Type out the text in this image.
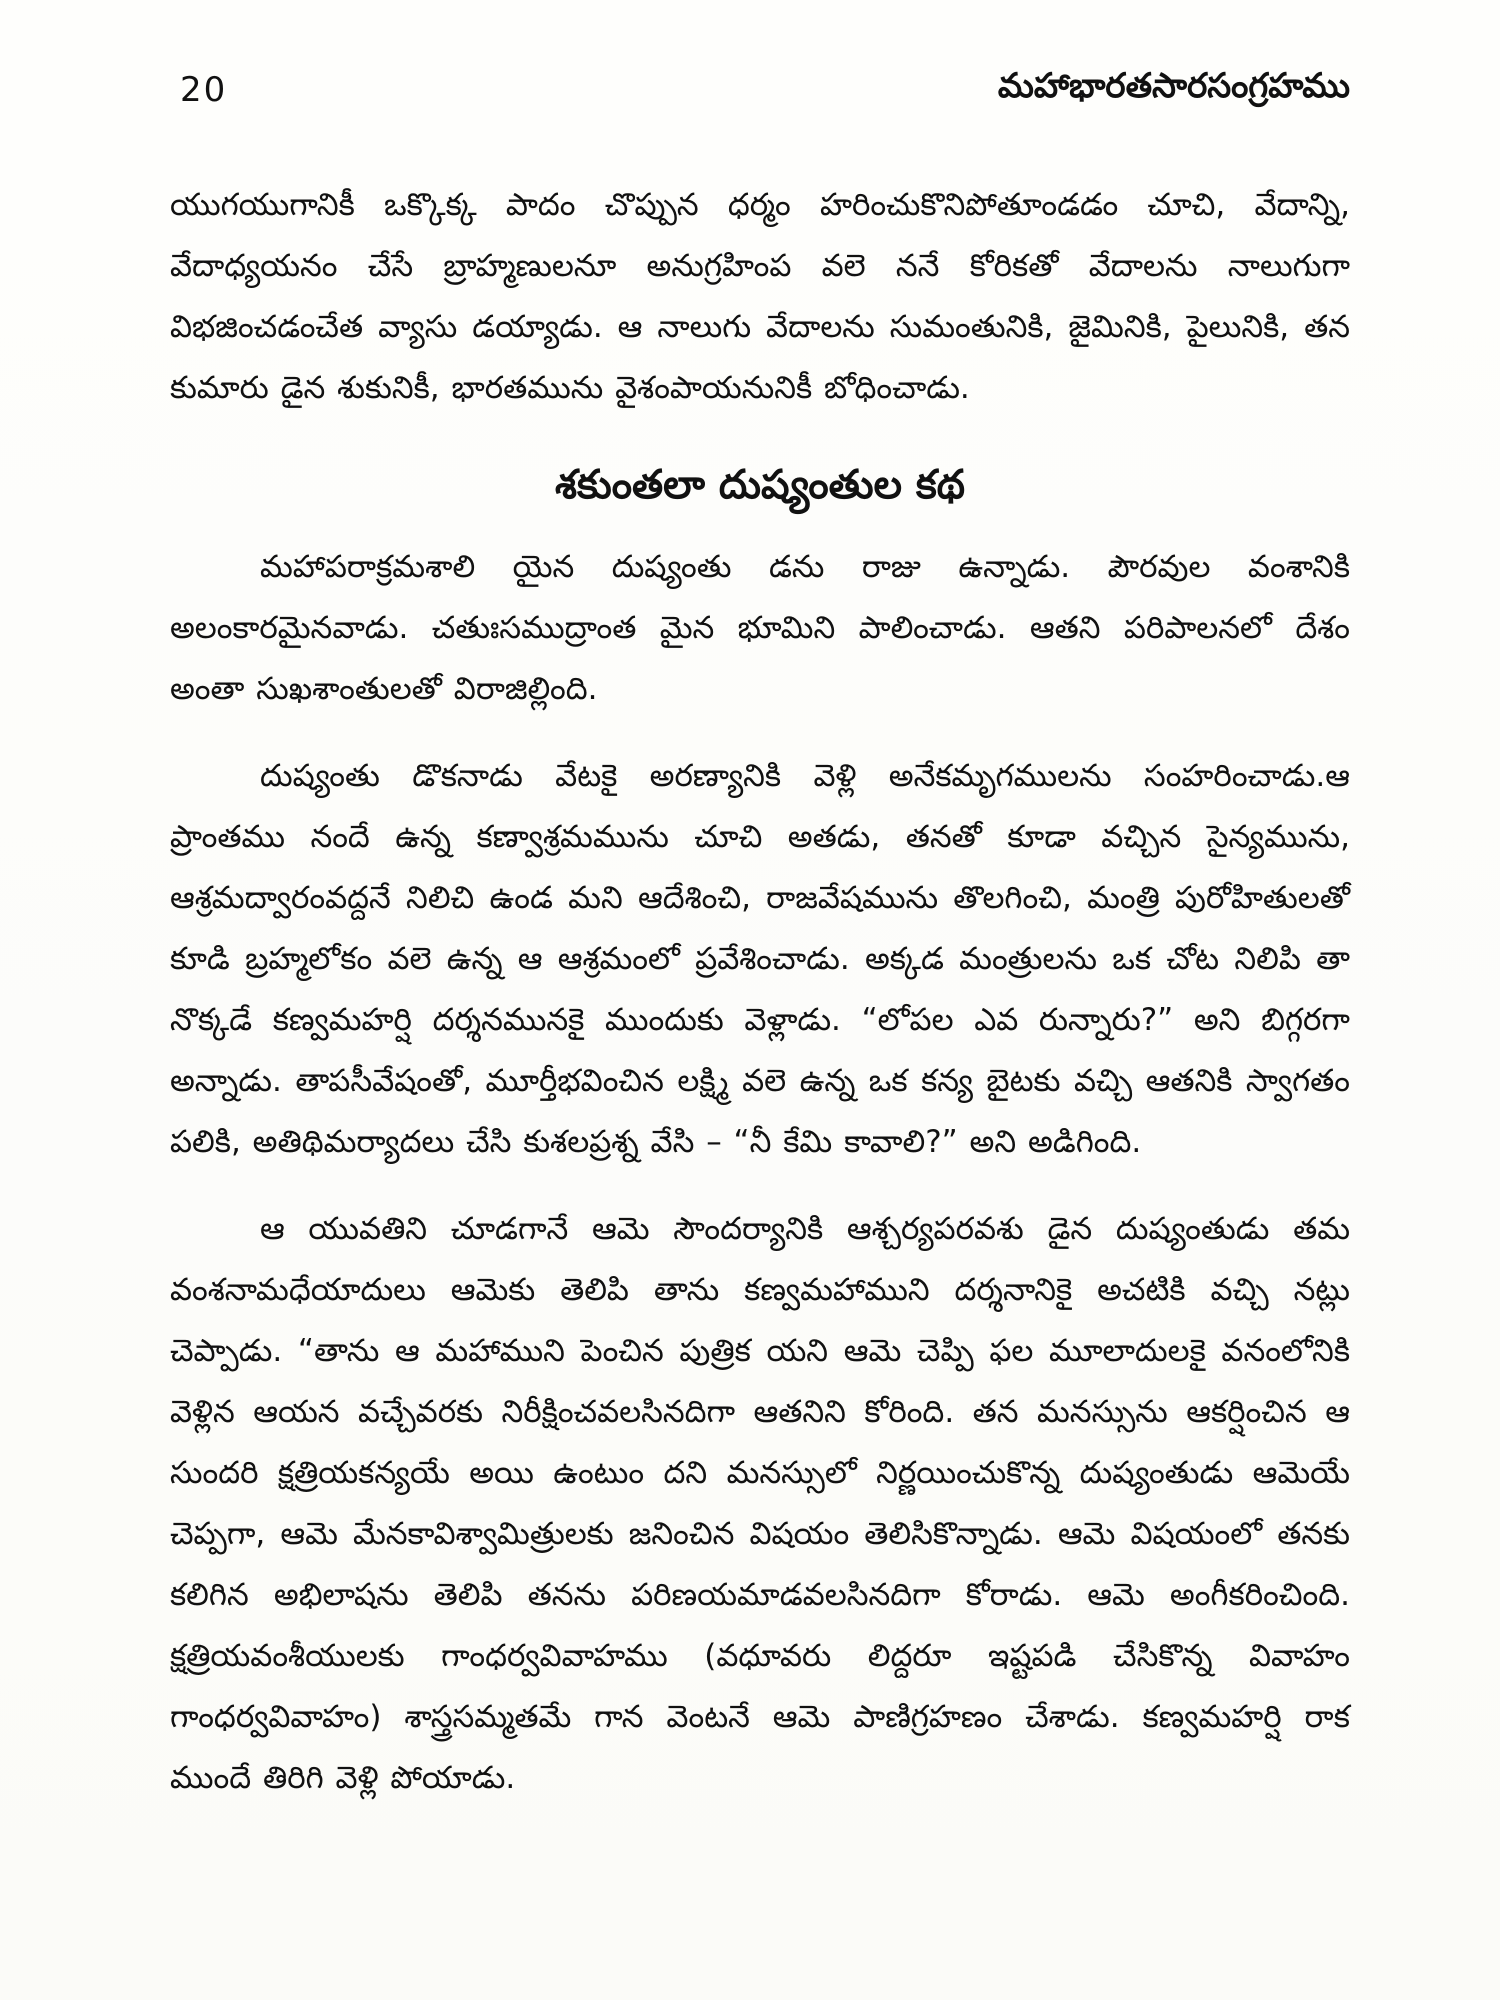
20	మహాభారతసారసంగ్రహము

యుగయుగానికీ ఒక్కొక్క పాదం చొప్పున ధర్మం హరించుకొనిపోతూండడం చూచి, వేదాన్ని, వేదాధ్యయనం చేసే బ్రాహ్మణులనూ అనుగ్రహింప వలె ననే కోరికతో వేదాలను నాలుగుగా విభజించడంచేత వ్యాసు డయ్యాడు. ఆ నాలుగు వేదాలను సుమంతునికి, జైమినికి, పైలునికి, తన కుమారు డైన శుకునికీ, భారతమును వైశంపాయనునికీ బోధించాడు.

శకుంతలా దుష్యంతుల కథ

మహాపరాక్రమశాలి యైన దుష్యంతు డను రాజు ఉన్నాడు. పౌరవుల వంశానికి అలంకారమైనవాడు. చతుఃసముద్రాంత మైన భూమిని పాలించాడు. ఆతని పరిపాలనలో దేశం అంతా సుఖశాంతులతో విరాజిల్లింది.

దుష్యంతు డొకనాడు వేటకై అరణ్యానికి వెళ్లి అనేకమృగములను సంహరించాడు.ఆ ప్రాంతము నందే ఉన్న కణ్వాశ్రమమును చూచి అతడు, తనతో కూడా వచ్చిన సైన్యమును, ఆశ్రమద్వారంవద్దనే నిలిచి ఉండ మని ఆదేశించి, రాజవేషమును తొలగించి, మంత్రి పురోహితులతో కూడి బ్రహ్మలోకం వలె ఉన్న ఆ ఆశ్రమంలో ప్రవేశించాడు. అక్కడ మంత్రులను ఒక చోట నిలిపి తా నొక్కడే కణ్వమహర్షి దర్శనమునకై ముందుకు వెళ్లాడు. “లోపల ఎవ రున్నారు?” అని బిగ్గరగా అన్నాడు. తాపసీవేషంతో, మూర్తీభవించిన లక్ష్మి వలె ఉన్న ఒక కన్య బైటకు వచ్చి ఆతనికి స్వాగతం పలికి, అతిథిమర్యాదలు చేసి కుశలప్రశ్న వేసి – “నీ కేమి కావాలి?” అని అడిగింది.

ఆ యువతిని చూడగానే ఆమె సౌందర్యానికి ఆశ్చర్యపరవశు డైన దుష్యంతుడు తమ వంశనామధేయాదులు ఆమెకు తెలిపి తాను కణ్వమహాముని దర్శనానికై అచటికి వచ్చి నట్లు చెప్పాడు. “తాను ఆ మహాముని పెంచిన పుత్రిక యని ఆమె చెప్పి ఫల మూలాదులకై వనంలోనికి వెళ్లిన ఆయన వచ్చేవరకు నిరీక్షించవలసినదిగా ఆతనిని కోరింది. తన మనస్సును ఆకర్షించిన ఆ సుందరి క్షత్రియకన్యయే అయి ఉంటుం దని మనస్సులో నిర్ణయించుకొన్న దుష్యంతుడు ఆమెయే చెప్పగా, ఆమె మేనకావిశ్వామిత్రులకు జనించిన విషయం తెలిసికొన్నాడు. ఆమె విషయంలో తనకు కలిగిన అభిలాషను తెలిపి తనను పరిణయమాడవలసినదిగా కోరాడు. ఆమె అంగీకరించింది. క్షత్రియవంశీయులకు గాంధర్వవివాహము (వధూవరు లిద్దరూ ఇష్టపడి చేసికొన్న వివాహం గాంధర్వవివాహం) శాస్త్రసమ్మతమే గాన వెంటనే ఆమె పాణిగ్రహణం చేశాడు. కణ్వమహర్షి రాక ముందే తిరిగి వెళ్లి పోయాడు.
